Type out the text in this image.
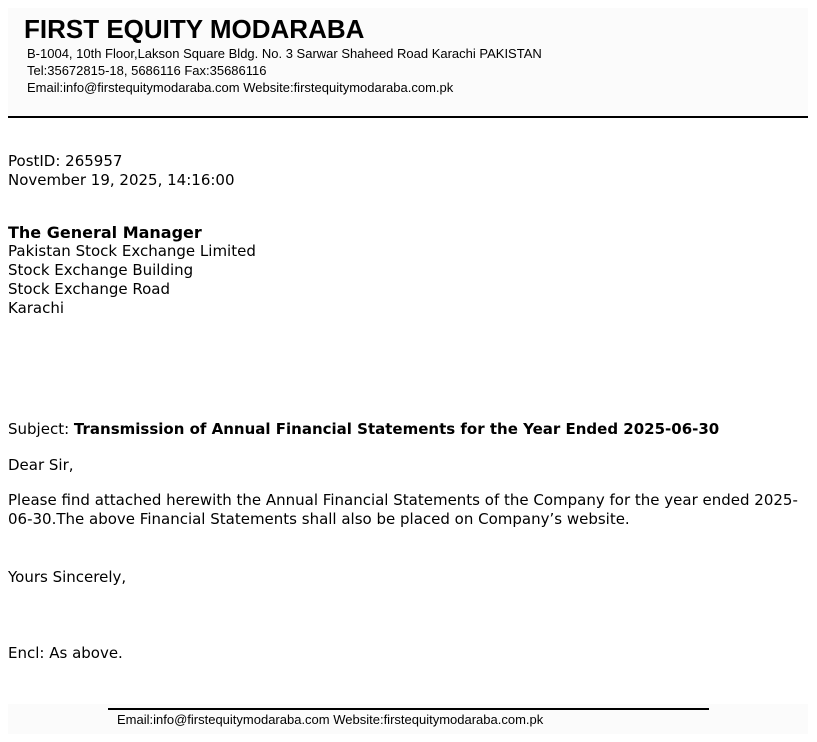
FIRST EQUITY MODARABA
B-1004, 10th Floor,Lakson Square Bldg. No. 3 Sarwar Shaheed Road Karachi PAKISTAN
Tel:35672815-18, 5686116 Fax:35686116
Email:info@firstequitymodaraba.com Website:firstequitymodaraba.com.pk
PostID: 265957
November 19, 2025, 14:16:00
The General Manager
Pakistan Stock Exchange Limited
Stock Exchange Building
Stock Exchange Road
Karachi
Subject: Transmission of Annual Financial Statements for the Year Ended 2025-06-30
Dear Sir,

Please find attached herewith the Annual Financial Statements of the Company for the year ended 2025-06-30.The above Financial Statements shall also be placed on Company’s website.

Yours Sincerely,
Encl: As above.
Email:info@firstequitymodaraba.com Website:firstequitymodaraba.com.pk
